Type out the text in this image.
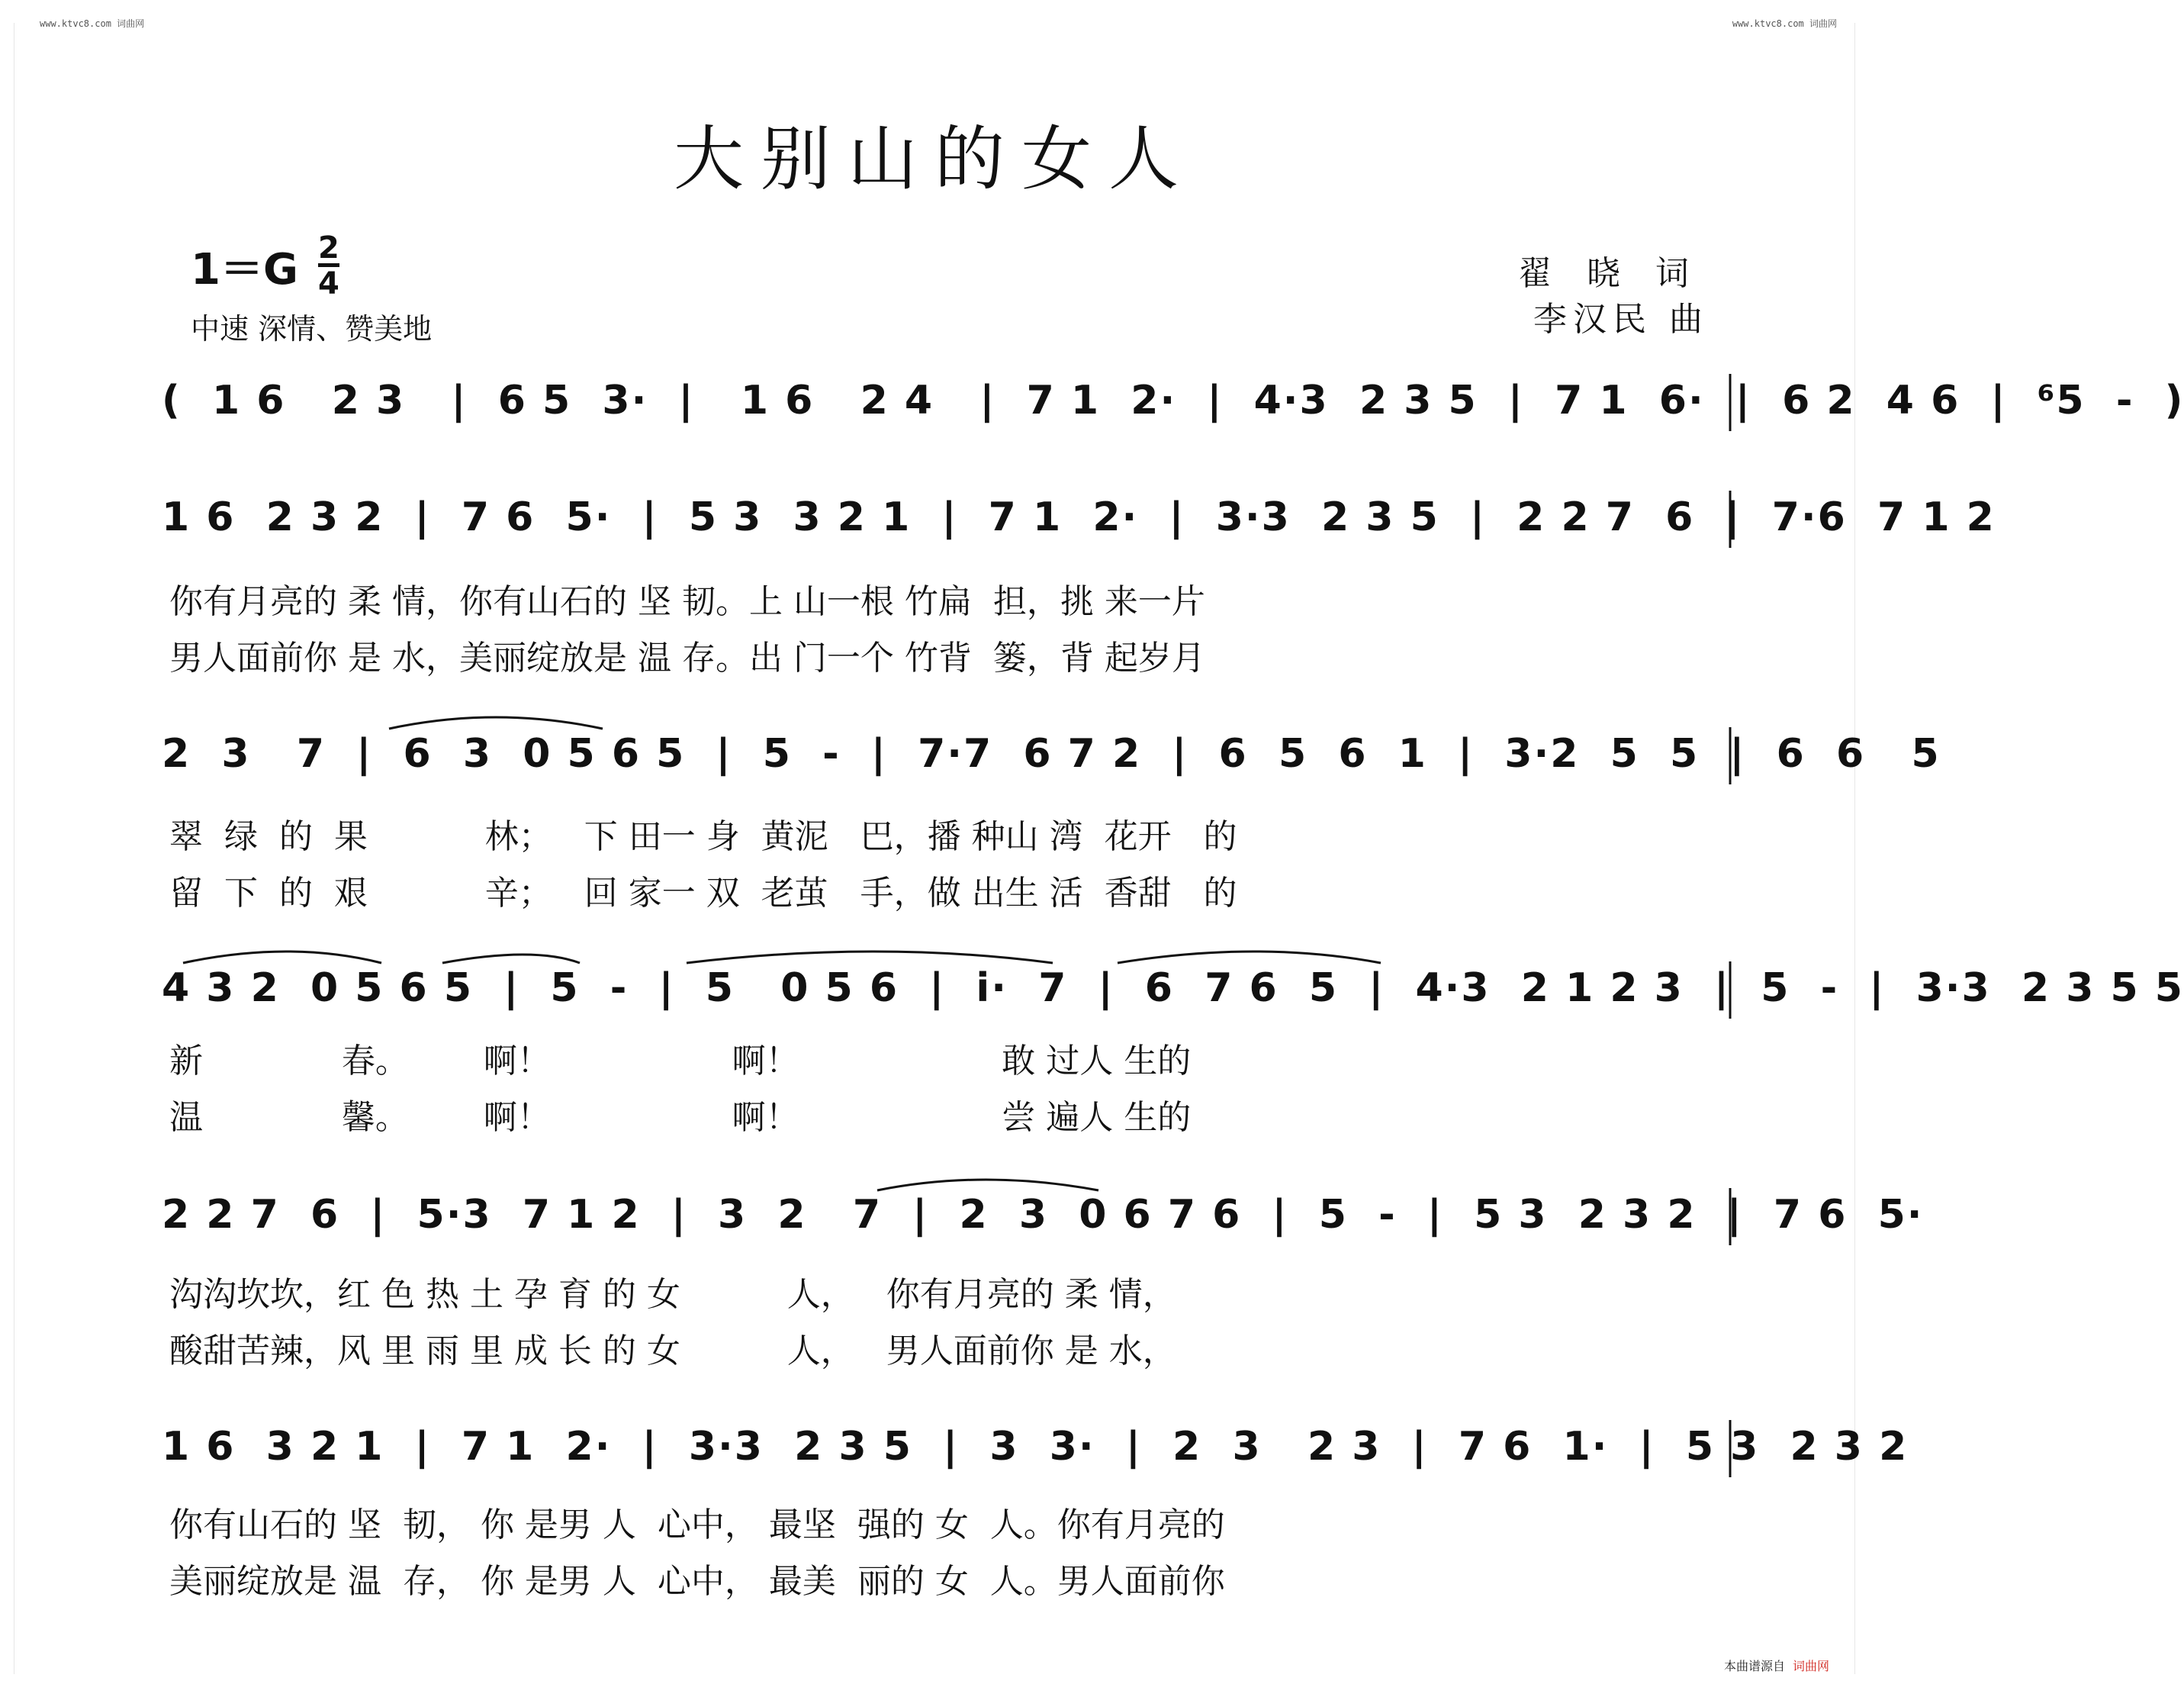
www.ktvc8.com 词曲网	www.ktvc8.com 词曲网
大别山的女人
$1=G \frac{2}{4}$
中速 深情、赞美地
翟晓词
李汉民 曲
(  1 6   2 3   |  6 5  3·  |   1 6   2 4   |  7 1  2·  |  4·3  2 3 5  |  7 1  6·  |  6 2  4 6  |  ⁶5  -  )
1 6  2 3 2  |  7 6  5·  |  5 3  3 2 1  |  7 1  2·  |  3·3  2 3 5  |  2 2 7  6  |  7·6  7 1 2
你有月亮的 柔 情，你有山石的 坚 韧。上 山一根 竹扁  担，挑 来一片
男人面前你 是 水，美丽绽放是 温 存。出 门一个 竹背  篓，背 起岁月
2  3   7  |  6  3  0 5 6 5  |  5  -  |  7·7  6 7 2  |  6  5  6  1  |  3·2  5  5  |  6  6   5
翠  绿  的  果           林；   下 田一 身  黄泥   巴，播 种山 湾  花开   的
留  下  的  艰           辛；   回 家一 双  老茧   手，做 出生 活  香甜   的
4 3 2  0 5 6 5  |  5  -  |  5   0 5 6  |  i·  7  |  6  7 6  5  |  4·3  2 1 2 3  |  5  -  |  3·3  2 3 5 5
新             春。       啊！                 啊！                   敢 过人 生的
温             馨。       啊！                 啊！                   尝 遍人 生的
2 2 7  6  |  5·3  7 1 2  |  3  2   7  |  2  3  0 6 7 6  |  5  -  |  5 3  2 3 2  |  7 6  5·
沟沟坎坎，红 色 热 土 孕 育 的 女          人，   你有月亮的 柔 情，
酸甜苦辣，风 里 雨 里 成 长 的 女          人，   男人面前你 是 水，
1 6  3 2 1  |  7 1  2·  |  3·3  2 3 5  |  3  3·  |  2  3   2 3  |  7 6  1·  |  5 3  2 3 2
你有山石的 坚  韧， 你 是男 人  心中， 最坚  强的 女  人。你有月亮的
美丽绽放是 温  存， 你 是男 人  心中， 最美  丽的 女  人。男人面前你
本曲谱源自 词曲网
